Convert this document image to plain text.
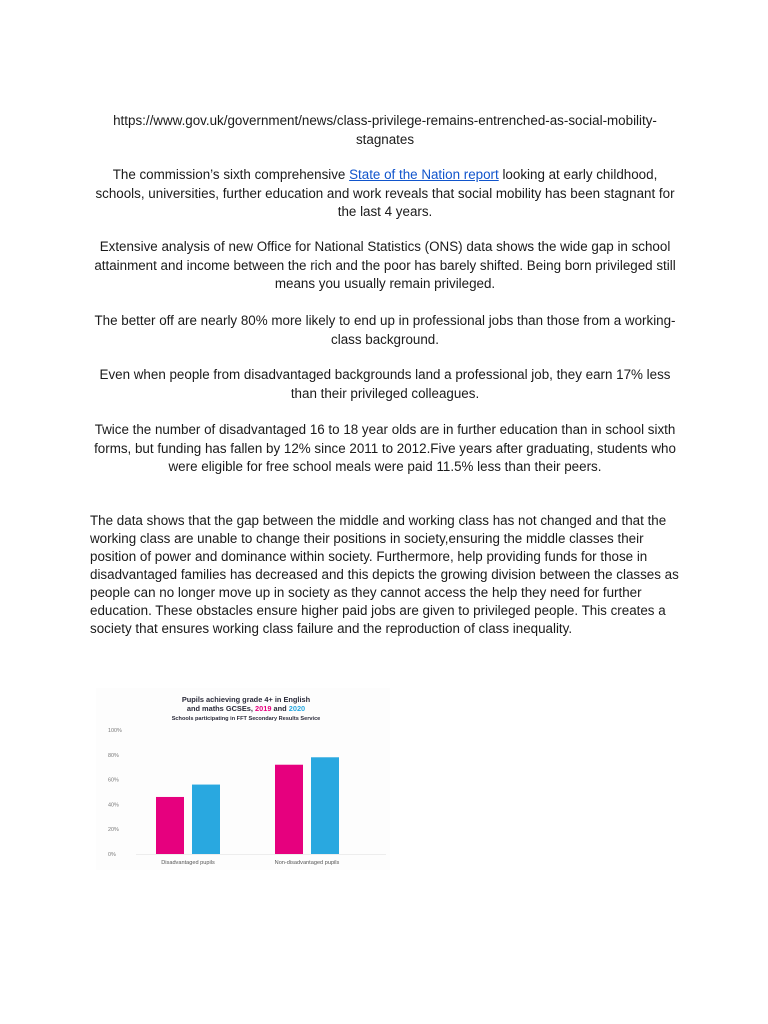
https://www.gov.uk/government/news/class-privilege-remains-entrenched-as-social-mobility-
stagnates

The commission’s sixth comprehensive State of the Nation report looking at early childhood, schools, universities, further education and work reveals that social mobility has been stagnant for the last 4 years.

Extensive analysis of new Office for National Statistics (ONS) data shows the wide gap in school attainment and income between the rich and the poor has barely shifted. Being born privileged still means you usually remain privileged.

The better off are nearly 80% more likely to end up in professional jobs than those from a working-class background.

Even when people from disadvantaged backgrounds land a professional job, they earn 17% less than their privileged colleagues.

Twice the number of disadvantaged 16 to 18 year olds are in further education than in school sixth forms, but funding has fallen by 12% since 2011 to 2012.Five years after graduating, students who were eligible for free school meals were paid 11.5% less than their peers.

The data shows that the gap between the middle and working class has not changed and that the working class are unable to change their positions in society,ensuring the middle classes their position of power and dominance within society. Furthermore, help providing funds for those in disadvantaged families has decreased and this depicts the growing division between the classes as people can no longer move up in society as they cannot access the help they need for further education. These obstacles ensure higher paid jobs are given to privileged people. This creates a society that ensures working class failure and the reproduction of class inequality.

Pupils achieving grade 4+ in English
and maths GCSEs, 2019 and 2020
Schools participating in FFT Secondary Results Service
0%
20%
40%
60%
80%
100%
Disadvantaged pupils	Non-disadvantaged pupils
